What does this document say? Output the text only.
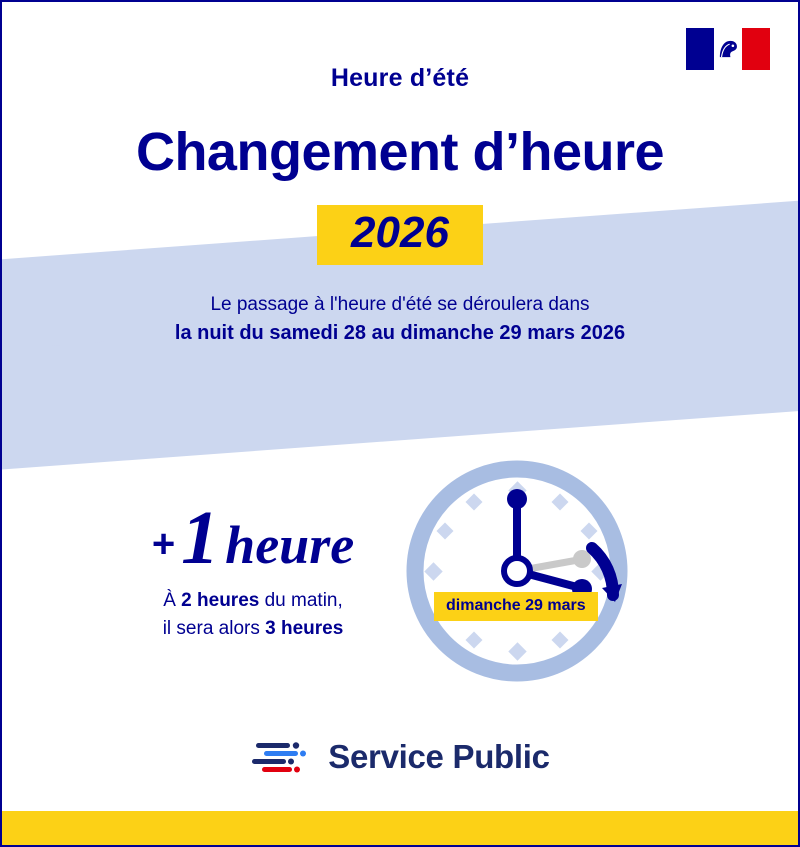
Heure d’été
Changement d’heure
2026
Le passage à l'heure d'été se déroulera dans
la nuit du samedi 28 au dimanche 29 mars 2026
+ 1 heure
À 2 heures du matin,
il sera alors 3 heures
dimanche 29 mars
Service Public
